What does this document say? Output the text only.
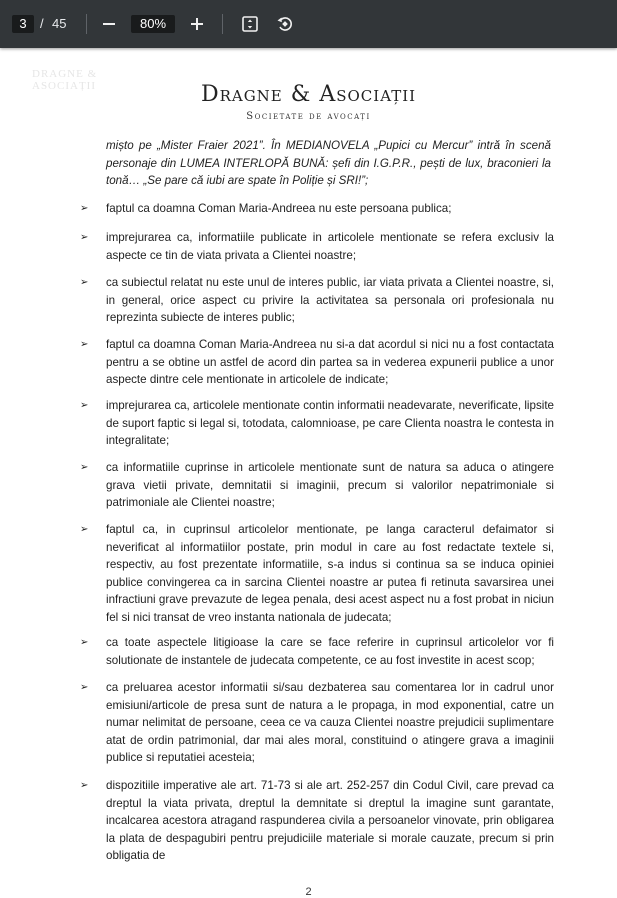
3	/ 45	80%
DRAGNE & ASOCIAȚII	Dragne & Asociații
Societate de avocați

mișto pe „Mister Fraier 2021”. În MEDIANOVELA „Pupici cu Mercur” intră în scenă personaje din LUMEA INTERLOPĂ BUNĂ: șefi din I.G.P.R., pești de lux, braconieri la tonă… „Se pare că iubi are spate în Poliție și SRI!”;

➢	faptul ca doamna Coman Maria-Andreea nu este persoana publica;

➢	imprejurarea ca, informatiile publicate in articolele mentionate se refera exclusiv la aspecte ce tin de viata privata a Clientei noastre;

➢	ca subiectul relatat nu este unul de interes public, iar viata privata a Clientei noastre, si, in general, orice aspect cu privire la activitatea sa personala ori profesionala nu reprezinta subiecte de interes public;

➢	faptul ca doamna Coman Maria-Andreea nu si-a dat acordul si nici nu a fost contactata pentru a se obtine un astfel de acord din partea sa in vederea expunerii publice a unor aspecte dintre cele mentionate in articolele de indicate;

➢	imprejurarea ca, articolele mentionate contin informatii neadevarate, neverificate, lipsite de suport faptic si legal si, totodata, calomnioase, pe care Clienta noastra le contesta in integralitate;

➢	ca informatiile cuprinse in articolele mentionate sunt de natura sa aduca o atingere grava vietii private, demnitatii si imaginii, precum si valorilor nepatrimoniale si patrimoniale ale Clientei noastre;

➢	faptul ca, in cuprinsul articolelor mentionate, pe langa caracterul defaimator si neverificat al informatiilor postate, prin modul in care au fost redactate textele si, respectiv, au fost prezentate informatiile, s-a indus si continua sa se induca opiniei publice convingerea ca in sarcina Clientei noastre ar putea fi retinuta savarsirea unei infractiuni grave prevazute de legea penala, desi acest aspect nu a fost probat in niciun fel si nici transat de vreo instanta nationala de judecata;

➢	ca toate aspectele litigioase la care se face referire in cuprinsul articolelor vor fi solutionate de instantele de judecata competente, ce au fost investite in acest scop;

➢	ca preluarea acestor informatii si/sau dezbaterea sau comentarea lor in cadrul unor emisiuni/articole de presa sunt de natura a le propaga, in mod exponential, catre un numar nelimitat de persoane, ceea ce va cauza Clientei noastre prejudicii suplimentare atat de ordin patrimonial, dar mai ales moral, constituind o atingere grava a imaginii publice si reputatiei acesteia;

➢	dispozitiile imperative ale art. 71-73 si ale art. 252-257 din Codul Civil, care prevad ca dreptul la viata privata, dreptul la demnitate si dreptul la imagine sunt garantate, incalcarea acestora atragand raspunderea civila a persoanelor vinovate, prin obligarea la plata de despagubiri pentru prejudiciile materiale si morale cauzate, precum si prin obligatia de

2
